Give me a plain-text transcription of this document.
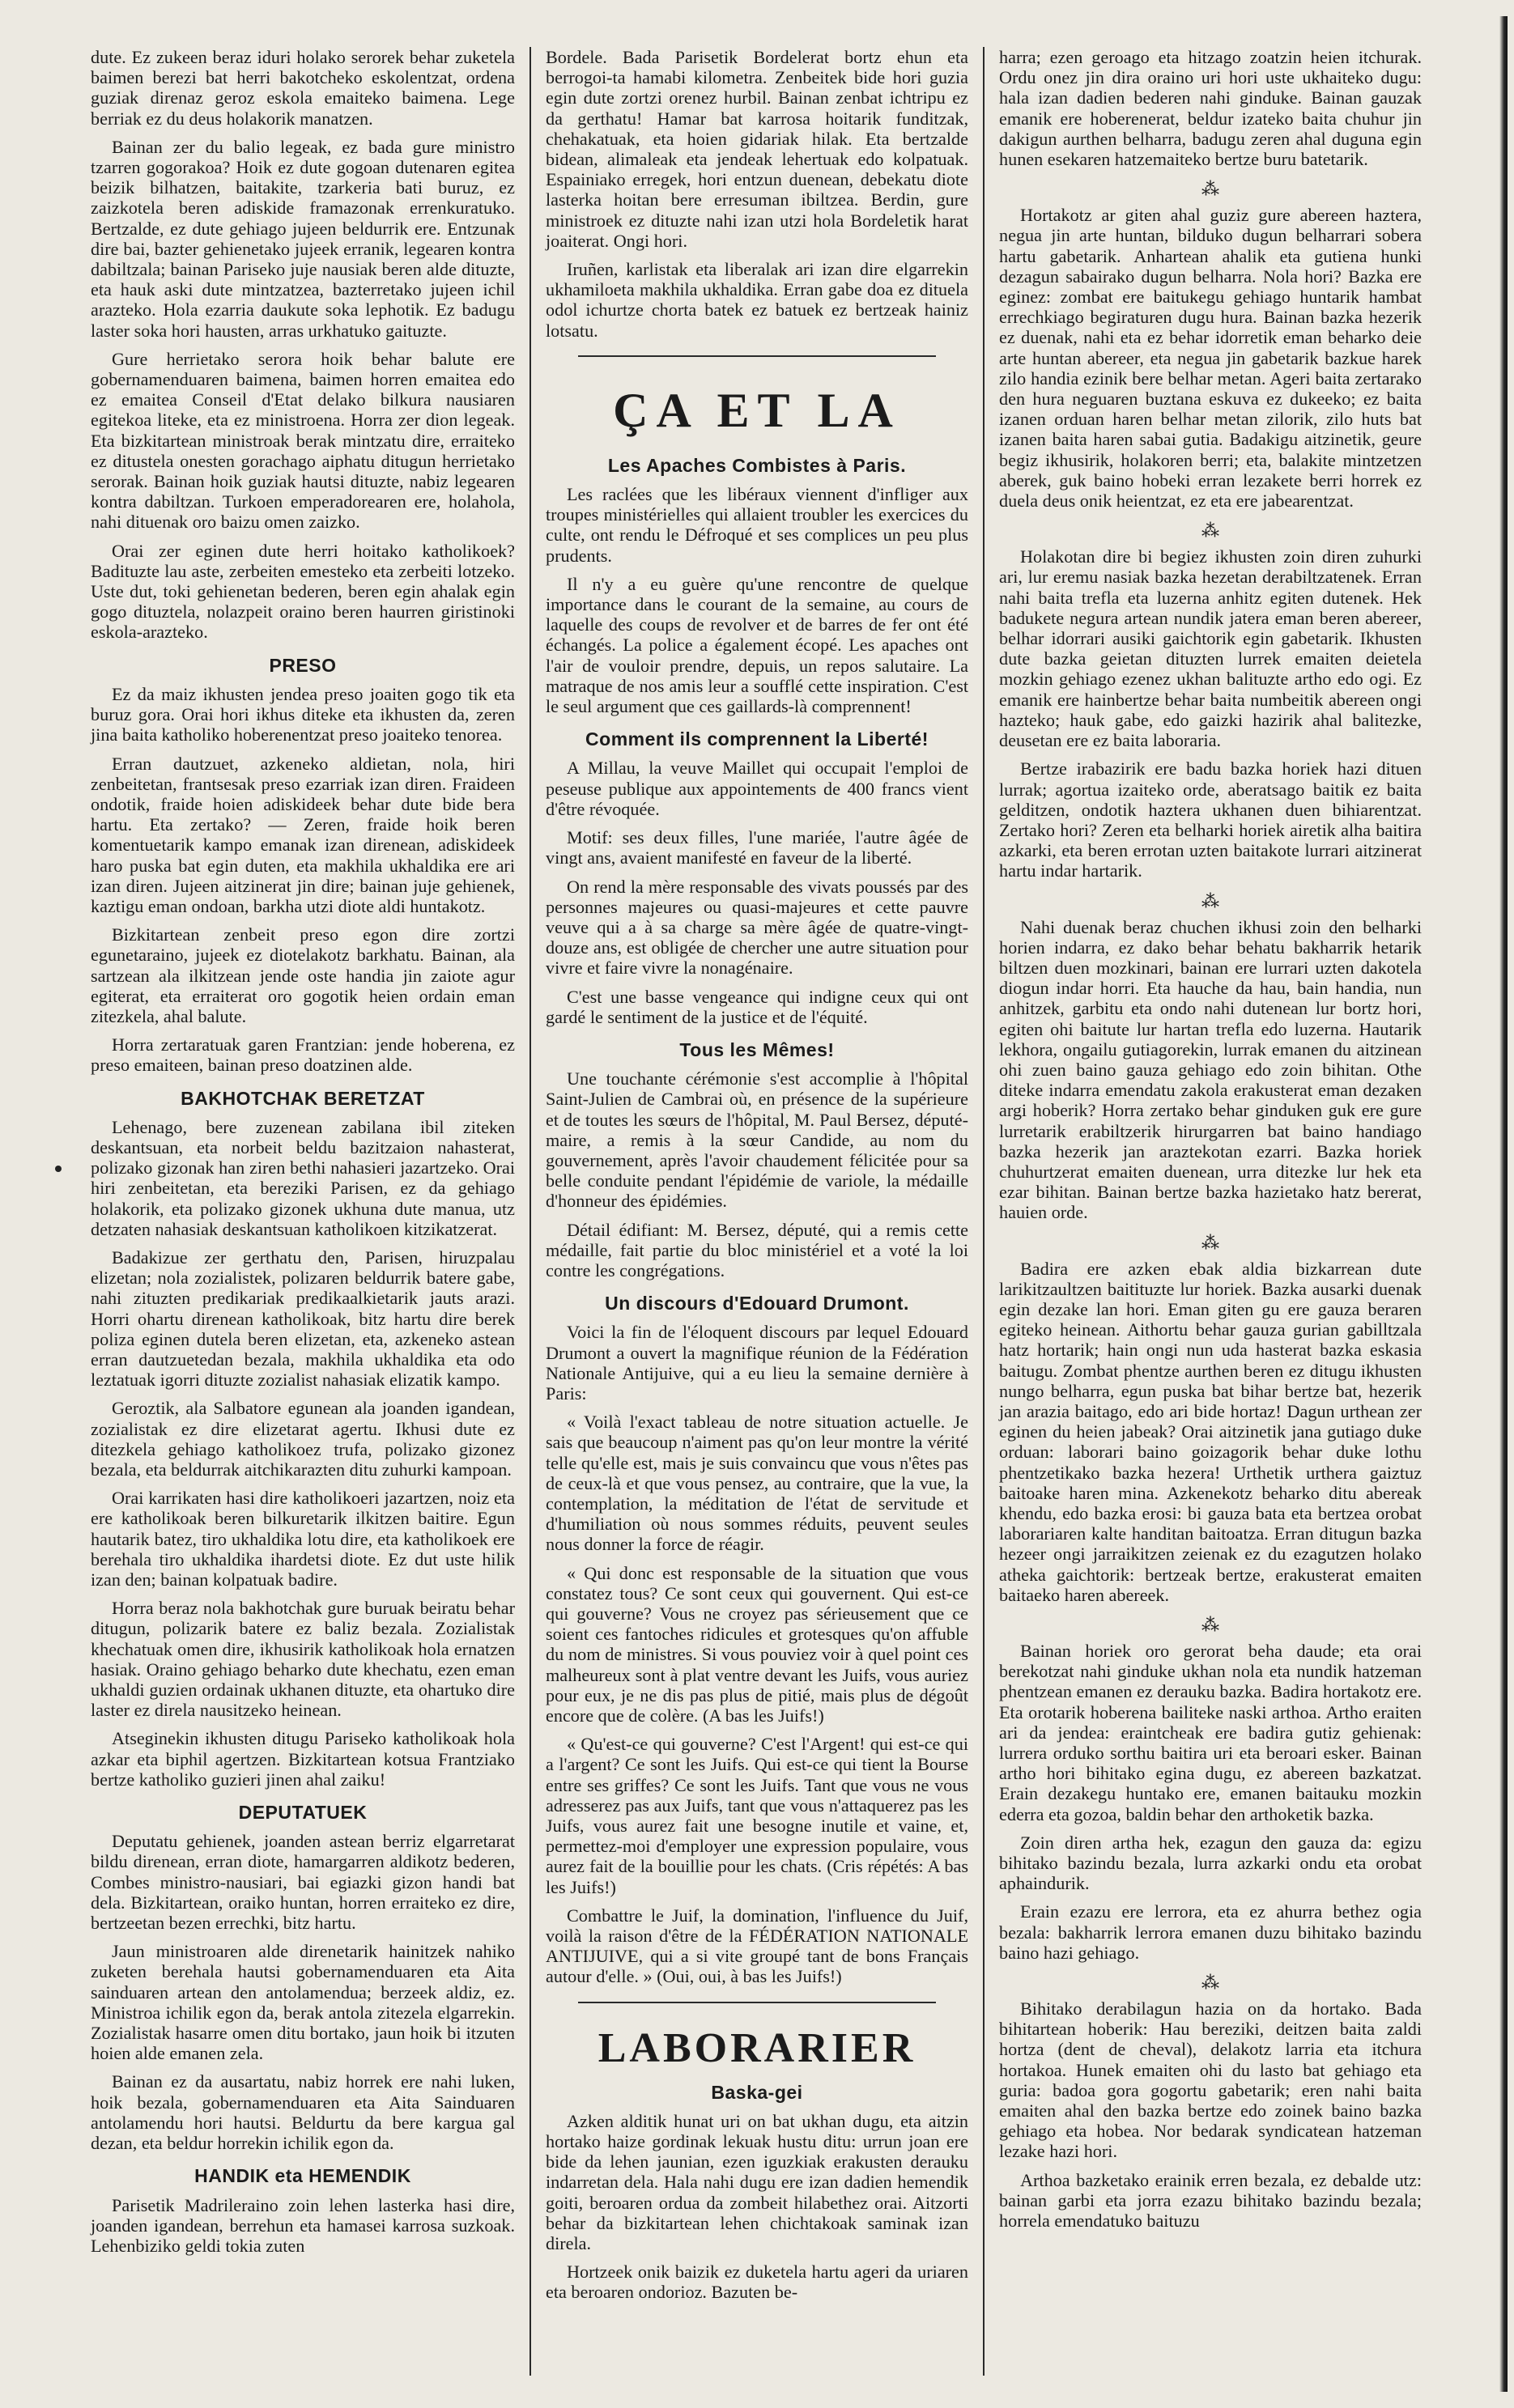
dute. Ez zukeen beraz iduri holako serorek behar zuketela baimen berezi bat herri bakotcheko eskolentzat, ordena guziak direnaz geroz eskola emaiteko baimena. Lege berriak ez du deus holakorik manatzen.

Bainan zer du balio legeak, ez bada gure ministro tzarren gogorakoa? Hoik ez dute gogoan dutenaren egitea beizik bilhatzen, baitakite, tzarkeria bati buruz, ez zaizkotela beren adiskide framazonak errenkuratuko. Bertzalde, ez dute gehiago jujeen beldurrik ere. Entzunak dire bai, bazter gehienetako jujeek erranik, legearen kontra dabiltzala; bainan Pariseko juje nausiak beren alde dituzte, eta hauk aski dute mintzatzea, bazterretako jujeen ichil arazteko. Hola ezarria daukute soka lephotik. Ez badugu laster soka hori hausten, arras urkhatuko gaituzte.

Gure herrietako serora hoik behar balute ere gobernamenduaren baimena, baimen horren emaitea edo ez emaitea Conseil d'Etat delako bilkura nausiaren egitekoa liteke, eta ez ministroena. Horra zer dion legeak. Eta bizkitartean ministroak berak mintzatu dire, erraiteko ez ditustela onesten gorachago aiphatu ditugun herrietako serorak. Bainan hoik guziak hautsi dituzte, nabiz legearen kontra dabiltzan. Turkoen emperadorearen ere, holahola, nahi dituenak oro baizu omen zaizko.

Orai zer eginen dute herri hoitako katholikoek? Badituzte lau aste, zerbeiten emesteko eta zerbeiti lotzeko. Uste dut, toki gehienetan bederen, beren egin ahalak egin gogo dituztela, nolazpeit oraino beren haurren giristinoki eskola-arazteko.

PRESO

Ez da maiz ikhusten jendea preso joaiten gogo tik eta buruz gora. Orai hori ikhus diteke eta ikhusten da, zeren jina baita katholiko hoberenentzat preso joaiteko tenorea.

Erran dautzuet, azkeneko aldietan, nola, hiri zenbeitetan, frantsesak preso ezarriak izan diren. Fraideen ondotik, fraide hoien adiskideek behar dute bide bera hartu. Eta zertako? — Zeren, fraide hoik beren komentuetarik kampo emanak izan direnean, adiskideek haro puska bat egin duten, eta makhila ukhaldika ere ari izan diren. Jujeen aitzinerat jin dire; bainan juje gehienek, kaztigu eman ondoan, barkha utzi diote aldi huntakotz.

Bizkitartean zenbeit preso egon dire zortzi egunetaraino, jujeek ez diotelakotz barkhatu. Bainan, ala sartzean ala ilkitzean jende oste handia jin zaiote agur egiterat, eta erraiterat oro gogotik heien ordain eman zitezkela, ahal balute.

Horra zertaratuak garen Frantzian: jende hoberena, ez preso emaiteen, bainan preso doatzinen alde.

BAKHOTCHAK BERETZAT

Lehenago, bere zuzenean zabilana ibil ziteken deskantsuan, eta norbeit beldu bazitzaion nahasterat, polizako gizonak han ziren bethi nahasieri jazartzeko. Orai hiri zenbeitetan, eta bereziki Parisen, ez da gehiago holakorik, eta polizako gizonek ukhuna dute manua, utz detzaten nahasiak deskantsuan katholikoen kitzikatzerat.

Badakizue zer gerthatu den, Parisen, hiruzpalau elizetan; nola zozialistek, polizaren beldurrik batere gabe, nahi zituzten predikariak predikaalkietarik jauts arazi. Horri ohartu direnean katholikoak, bitz hartu dire berek poliza eginen dutela beren elizetan, eta, azkeneko astean erran dautzuetedan bezala, makhila ukhaldika eta odo leztatuak igorri dituzte zozialist nahasiak elizatik kampo.

Geroztik, ala Salbatore egunean ala joanden igandean, zozialistak ez dire elizetarat agertu. Ikhusi dute ez ditezkela gehiago katholikoez trufa, polizako gizonez bezala, eta beldurrak aitchikarazten ditu zuhurki kampoan.

Orai karrikaten hasi dire katholikoeri jazartzen, noiz eta ere katholikoak beren bilkuretarik ilkitzen baitire. Egun hautarik batez, tiro ukhaldika lotu dire, eta katholikoek ere berehala tiro ukhaldika ihardetsi diote. Ez dut uste hilik izan den; bainan kolpatuak badire.

Horra beraz nola bakhotchak gure buruak beiratu behar ditugun, polizarik batere ez baliz bezala. Zozialistak khechatuak omen dire, ikhusirik katholikoak hola ernatzen hasiak. Oraino gehiago beharko dute khechatu, ezen eman ukhaldi guzien ordainak ukhanen dituzte, eta ohartuko dire laster ez direla nausitzeko heinean.

Atseginekin ikhusten ditugu Pariseko katholikoak hola azkar eta biphil agertzen. Bizkitartean kotsua Frantziako bertze katholiko guzieri jinen ahal zaiku!

DEPUTATUEK

Deputatu gehienek, joanden astean berriz elgarretarat bildu direnean, erran diote, hamargarren aldikotz bederen, Combes ministro-nausiari, bai egiazki gizon handi bat dela. Bizkitartean, oraiko huntan, horren erraiteko ez dire, bertzeetan bezen errechki, bitz hartu.

Jaun ministroaren alde direnetarik hainitzek nahiko zuketen berehala hautsi gobernamenduaren eta Aita sainduaren artean den antolamendua; berzeek aldiz, ez. Ministroa ichilik egon da, berak antola zitezela elgarrekin. Zozialistak hasarre omen ditu bortako, jaun hoik bi itzuten hoien alde emanen zela.

Bainan ez da ausartatu, nabiz horrek ere nahi luken, hoik bezala, gobernamenduaren eta Aita Sainduaren antolamendu hori hautsi. Beldurtu da bere kargua gal dezan, eta beldur horrekin ichilik egon da.

HANDIK eta HEMENDIK

Parisetik Madrileraino zoin lehen lasterka hasi dire, joanden igandean, berrehun eta hamasei karrosa suzkoak. Lehenbiziko geldi tokia zuten

Bordele. Bada Parisetik Bordelerat bortz ehun eta berrogoi-ta hamabi kilometra. Zenbeitek bide hori guzia egin dute zortzi orenez hurbil. Bainan zenbat ichtripu ez da gerthatu! Hamar bat karrosa hoitarik funditzak, chehakatuak, eta hoien gidariak hilak. Eta bertzalde bidean, alimaleak eta jendeak lehertuak edo kolpatuak. Espainiako erregek, hori entzun duenean, debekatu diote lasterka hoitan bere erresuman ibiltzea. Berdin, gure ministroek ez dituzte nahi izan utzi hola Bordeletik harat joaiterat. Ongi hori.

Iruñen, karlistak eta liberalak ari izan dire elgarrekin ukhamiloeta makhila ukhaldika. Erran gabe doa ez dituela odol ichurtze chorta batek ez batuek ez bertzeak hainiz lotsatu.

ÇA ET LA
Les Apaches Combistes à Paris.

Les raclées que les libéraux viennent d'infliger aux troupes ministérielles qui allaient troubler les exercices du culte, ont rendu le Défroqué et ses complices un peu plus prudents.

Il n'y a eu guère qu'une rencontre de quelque importance dans le courant de la semaine, au cours de laquelle des coups de revolver et de barres de fer ont été échangés. La police a également écopé. Les apaches ont l'air de vouloir prendre, depuis, un repos salutaire. La matraque de nos amis leur a soufflé cette inspiration. C'est le seul argument que ces gaillards-là comprennent!

Comment ils comprennent la Liberté!

A Millau, la veuve Maillet qui occupait l'emploi de peseuse publique aux appointements de 400 francs vient d'être révoquée.

Motif: ses deux filles, l'une mariée, l'autre âgée de vingt ans, avaient manifesté en faveur de la liberté.

On rend la mère responsable des vivats poussés par des personnes majeures ou quasi-majeures et cette pauvre veuve qui a à sa charge sa mère âgée de quatre-vingt-douze ans, est obligée de chercher une autre situation pour vivre et faire vivre la nonagénaire.

C'est une basse vengeance qui indigne ceux qui ont gardé le sentiment de la justice et de l'équité.

Tous les Mêmes!

Une touchante cérémonie s'est accomplie à l'hôpital Saint-Julien de Cambrai où, en présence de la supérieure et de toutes les sœurs de l'hôpital, M. Paul Bersez, député-maire, a remis à la sœur Candide, au nom du gouvernement, après l'avoir chaudement félicitée pour sa belle conduite pendant l'épidémie de variole, la médaille d'honneur des épidémies.

Détail édifiant: M. Bersez, député, qui a remis cette médaille, fait partie du bloc ministériel et a voté la loi contre les congrégations.

Un discours d'Edouard Drumont.

Voici la fin de l'éloquent discours par lequel Edouard Drumont a ouvert la magnifique réunion de la Fédération Nationale Antijuive, qui a eu lieu la semaine dernière à Paris:

« Voilà l'exact tableau de notre situation actuelle. Je sais que beaucoup n'aiment pas qu'on leur montre la vérité telle qu'elle est, mais je suis convaincu que vous n'êtes pas de ceux-là et que vous pensez, au contraire, que la vue, la contemplation, la méditation de l'état de servitude et d'humiliation où nous sommes réduits, peuvent seules nous donner la force de réagir.

« Qui donc est responsable de la situation que vous constatez tous? Ce sont ceux qui gouvernent. Qui est-ce qui gouverne? Vous ne croyez pas sérieusement que ce soient ces fantoches ridicules et grotesques qu'on affuble du nom de ministres. Si vous pouviez voir à quel point ces malheureux sont à plat ventre devant les Juifs, vous auriez pour eux, je ne dis pas plus de pitié, mais plus de dégoût encore que de colère. (A bas les Juifs!)

« Qu'est-ce qui gouverne? C'est l'Argent! qui est-ce qui a l'argent? Ce sont les Juifs. Qui est-ce qui tient la Bourse entre ses griffes? Ce sont les Juifs. Tant que vous ne vous adresserez pas aux Juifs, tant que vous n'attaquerez pas les Juifs, vous aurez fait une besogne inutile et vaine, et, permettez-moi d'employer une expression populaire, vous aurez fait de la bouillie pour les chats. (Cris répétés: A bas les Juifs!)

Combattre le Juif, la domination, l'influence du Juif, voilà la raison d'être de la FÉDÉRATION NATIONALE ANTIJUIVE, qui a si vite groupé tant de bons Français autour d'elle. » (Oui, oui, à bas les Juifs!)

LABORARIER
Baska-gei

Azken alditik hunat uri on bat ukhan dugu, eta aitzin hortako haize gordinak lekuak hustu ditu: urrun joan ere bide da lehen jaunian, ezen iguzkiak erakusten derauku indarretan dela. Hala nahi dugu ere izan dadien hemendik goiti, beroaren ordua da zombeit hilabethez orai. Aitzorti behar da bizkitartean lehen chichtakoak saminak izan direla.

Hortzeek onik baizik ez duketela hartu ageri da uriaren eta beroaren ondorioz. Bazuten be-

harra; ezen geroago eta hitzago zoatzin heien itchurak. Ordu onez jin dira oraino uri hori uste ukhaiteko dugu: hala izan dadien bederen nahi ginduke. Bainan gauzak emanik ere hoberenerat, beldur izateko baita chuhur jin dakigun aurthen belharra, badugu zeren ahal duguna egin hunen esekaren hatzemaiteko bertze buru batetarik.

⁂

Hortakotz ar giten ahal guziz gure abereen haztera, negua jin arte huntan, bilduko dugun belharrari sobera hartu gabetarik. Anhartean ahalik eta gutiena hunki dezagun sabairako dugun belharra. Nola hori? Bazka ere eginez: zombat ere baitukegu gehiago huntarik hambat errechkiago begiraturen dugu hura. Bainan bazka hezerik ez duenak, nahi eta ez behar idorretik eman beharko deie arte huntan abereer, eta negua jin gabetarik bazkue harek zilo handia ezinik bere belhar metan. Ageri baita zertarako den hura neguaren buztana eskuva ez dukeeko; ez baita izanen orduan haren belhar metan zilorik, zilo huts bat izanen baita haren sabai gutia. Badakigu aitzinetik, geure begiz ikhusirik, holakoren berri; eta, balakite mintzetzen aberek, guk baino hobeki erran lezakete berri horrek ez duela deus onik heientzat, ez eta ere jabearentzat.

⁂

Holakotan dire bi begiez ikhusten zoin diren zuhurki ari, lur eremu nasiak bazka hezetan derabiltzatenek. Erran nahi baita trefla eta luzerna anhitz egiten dutenek. Hek badukete negura artean nundik jatera eman beren abereer, belhar idorrari ausiki gaichtorik egin gabetarik. Ikhusten dute bazka geietan dituzten lurrek emaiten deietela mozkin gehiago ezenez ukhan balituzte artho edo ogi. Ez emanik ere hainbertze behar baita numbeitik abereen ongi hazteko; hauk gabe, edo gaizki hazirik ahal balitezke, deusetan ere ez baita laboraria.

Bertze irabazirik ere badu bazka horiek hazi dituen lurrak; agortua izaiteko orde, aberatsago baitik ez baita gelditzen, ondotik haztera ukhanen duen bihiarentzat. Zertako hori? Zeren eta belharki horiek airetik alha baitira azkarki, eta beren errotan uzten baitakote lurrari aitzinerat hartu indar hartarik.

⁂

Nahi duenak beraz chuchen ikhusi zoin den belharki horien indarra, ez dako behar behatu bakharrik hetarik biltzen duen mozkinari, bainan ere lurrari uzten dakotela diogun indar horri. Eta hauche da hau, bain handia, nun anhitzek, garbitu eta ondo nahi dutenean lur bortz hori, egiten ohi baitute lur hartan trefla edo luzerna. Hautarik lekhora, ongailu gutiagorekin, lurrak emanen du aitzinean ohi zuen baino gauza gehiago edo zoin bihitan. Othe diteke indarra emendatu zakola erakusterat eman dezaken argi hoberik? Horra zertako behar ginduken guk ere gure lurretarik erabiltzerik hirurgarren bat baino handiago bazka hezerik jan araztekotan ezarri. Bazka horiek chuhurtzerat emaiten duenean, urra ditezke lur hek eta ezar bihitan. Bainan bertze bazka hazietako hatz bererat, hauien orde.

⁂

Badira ere azken ebak aldia bizkarrean dute larikitzaultzen baitituzte lur horiek. Bazka ausarki duenak egin dezake lan hori. Eman giten gu ere gauza beraren egiteko heinean. Aithortu behar gauza gurian gabilltzala hatz hortarik; hain ongi nun uda hasterat bazka eskasia baitugu. Zombat phentze aurthen beren ez ditugu ikhusten nungo belharra, egun puska bat bihar bertze bat, hezerik jan arazia baitago, edo ari bide hortaz! Dagun urthean zer eginen du heien jabeak? Orai aitzinetik jana gutiago duke orduan: laborari baino goizagorik behar duke lothu phentzetikako bazka hezera! Urthetik urthera gaiztuz baitoake haren mina. Azkenekotz beharko ditu abereak khendu, edo bazka erosi: bi gauza bata eta bertzea orobat laborariaren kalte handitan baitoatza. Erran ditugun bazka hezeer ongi jarraikitzen zeienak ez du ezagutzen holako atheka gaichtorik: bertzeak bertze, erakusterat emaiten baitaeko haren abereek.

⁂

Bainan horiek oro gerorat beha daude; eta orai berekotzat nahi ginduke ukhan nola eta nundik hatzeman phentzean emanen ez derauku bazka. Badira hortakotz ere. Eta orotarik hoberena bailiteke naski arthoa. Artho eraiten ari da jendea: eraintcheak ere badira gutiz gehienak: lurrera orduko sorthu baitira uri eta beroari esker. Bainan artho hori bihitako egina dugu, ez abereen bazkatzat. Erain dezakegu huntako ere, emanen baitauku mozkin ederra eta gozoa, baldin behar den arthoketik bazka.

Zoin diren artha hek, ezagun den gauza da: egizu bihitako bazindu bezala, lurra azkarki ondu eta orobat aphaindurik.

Erain ezazu ere lerrora, eta ez ahurra bethez ogia bezala: bakharrik lerrora emanen duzu bihitako bazindu baino hazi gehiago.

⁂

Bihitako derabilagun hazia on da hortako. Bada bihitartean hoberik: Hau bereziki, deitzen baita zaldi hortza (dent de cheval), delakotz larria eta itchura hortakoa. Hunek emaiten ohi du lasto bat gehiago eta guria: badoa gora gogortu gabetarik; eren nahi baita emaiten ahal den bazka bertze edo zoinek baino bazka gehiago eta hobea. Nor bedarak syndicatean hatzeman lezake hazi hori.

Arthoa bazketako erainik erren bezala, ez debalde utz: bainan garbi eta jorra ezazu bihitako bazindu bezala; horrela emendatuko baituzu
